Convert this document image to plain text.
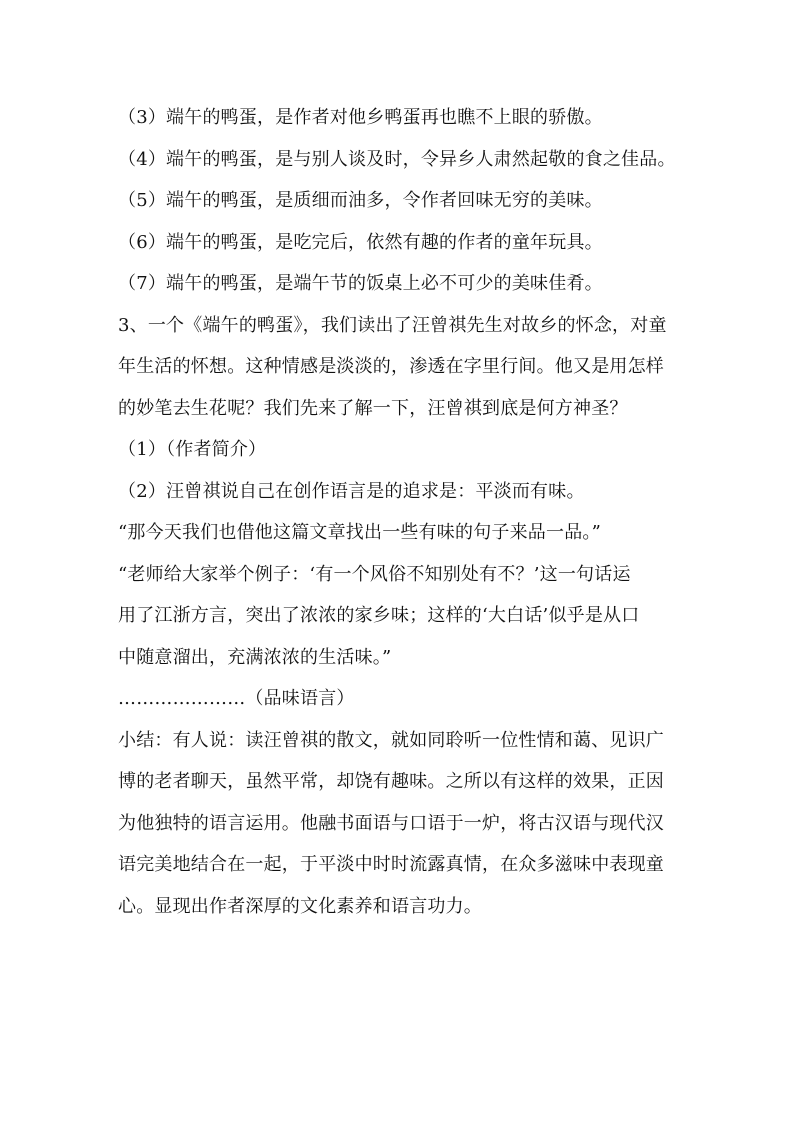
（3）端午的鸭蛋，是作者对他乡鸭蛋再也瞧不上眼的骄傲。
（4）端午的鸭蛋，是与别人谈及时，令异乡人肃然起敬的食之佳品。
（5）端午的鸭蛋，是质细而油多，令作者回味无穷的美味。
（6）端午的鸭蛋，是吃完后，依然有趣的作者的童年玩具。
（7）端午的鸭蛋，是端午节的饭桌上必不可少的美味佳肴。
3、一个《端午的鸭蛋》，我们读出了汪曾祺先生对故乡的怀念，对童
年生活的怀想。这种情感是淡淡的，渗透在字里行间。他又是用怎样
的妙笔去生花呢？我们先来了解一下，汪曾祺到底是何方神圣？
（1）（作者简介）
（2）汪曾祺说自己在创作语言是的追求是：平淡而有味。
“那今天我们也借他这篇文章找出一些有味的句子来品一品。”
“老师给大家举个例子：‘有一个风俗不知别处有不？’这一句话运
用了江浙方言，突出了浓浓的家乡味；这样的‘大白话’似乎是从口
中随意溜出，充满浓浓的生活味。”
…………………（品味语言）
小结：有人说：读汪曾祺的散文，就如同聆听一位性情和蔼、见识广
博的老者聊天，虽然平常，却饶有趣味。之所以有这样的效果，正因
为他独特的语言运用。他融书面语与口语于一炉，将古汉语与现代汉
语完美地结合在一起，于平淡中时时流露真情，在众多滋味中表现童
心。显现出作者深厚的文化素养和语言功力。
